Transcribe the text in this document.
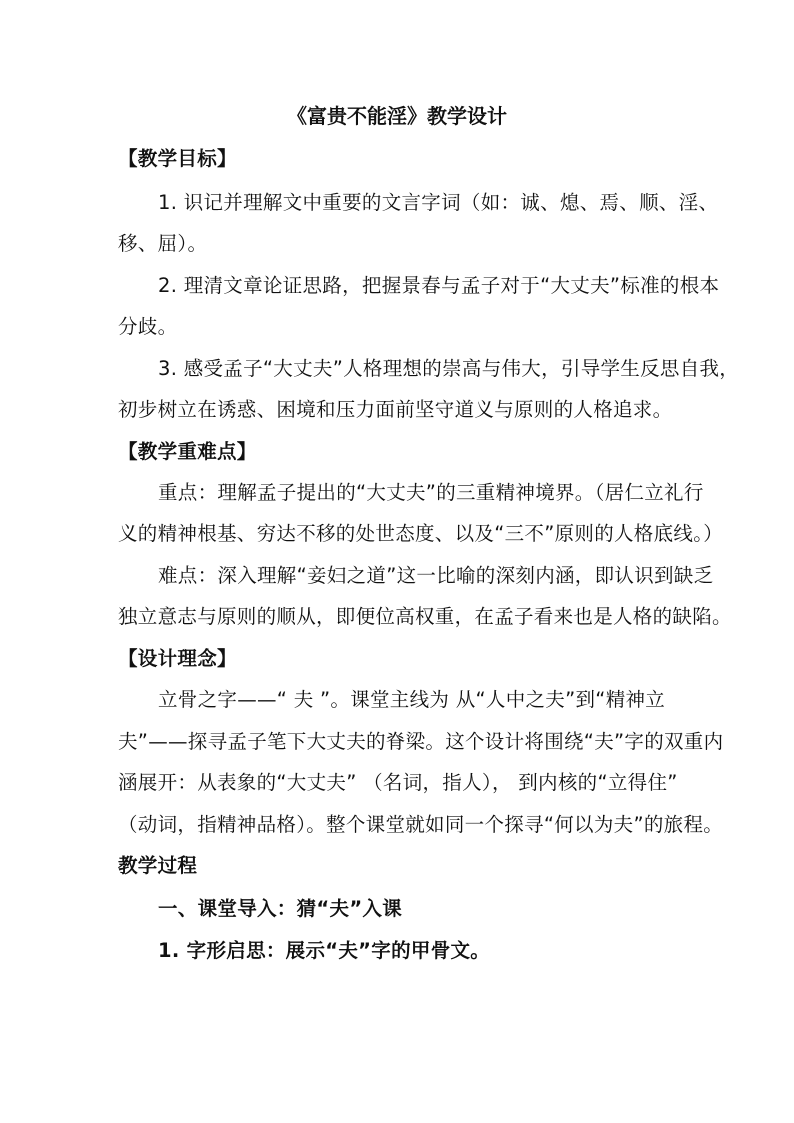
《富贵不能淫》教学设计
【教学目标】
1. 识记并理解文中重要的文言字词（如：诚、熄、焉、顺、淫、
移、屈）。
2. 理清文章论证思路，把握景春与孟子对于“大丈夫”标准的根本
分歧。
3. 感受孟子“大丈夫”人格理想的崇高与伟大，引导学生反思自我，
初步树立在诱惑、困境和压力面前坚守道义与原则的人格追求。
【教学重难点】
重点：理解孟子提出的“大丈夫”的三重精神境界。（居仁立礼行
义的精神根基、穷达不移的处世态度、以及“三不”原则的人格底线。）
难点：深入理解“妾妇之道”这一比喻的深刻内涵，即认识到缺乏
独立意志与原则的顺从，即便位高权重，在孟子看来也是人格的缺陷。
【设计理念】
立骨之字——“ 夫 ”。课堂主线为 从“人中之夫”到“精神立
夫”——探寻孟子笔下大丈夫的脊梁。这个设计将围绕“夫”字的双重内
涵展开：从表象的“大丈夫” （名词，指人）， 到内核的“立得住”
（动词，指精神品格）。整个课堂就如同一个探寻“何以为夫”的旅程。
教学过程
一、课堂导入：猜“夫”入课
1. 字形启思：展示“夫”字的甲骨文。
